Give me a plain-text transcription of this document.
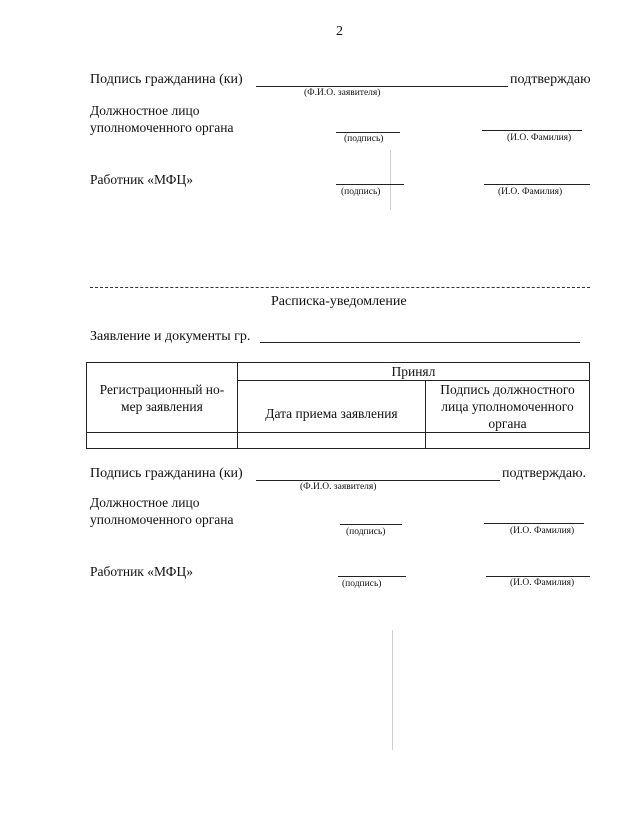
2
Подпись гражданина (ки)	подтверждаю
(Ф.И.О. заявителя)
Должностное лицо
уполномоченного органа
(подпись)	(И.О. Фамилия)
Работник «МФЦ»
(подпись)	(И.О. Фамилия)
Расписка-уведомление
Заявление и документы гр.
Регистрационный но-мер заявления	Принял	
	Дата приема заявления	Подпись должностного лица уполномоченного органа

Подпись гражданина (ки)	подтверждаю.
(Ф.И.О. заявителя)
Должностное лицо
уполномоченного органа
(подпись)	(И.О. Фамилия)
Работник «МФЦ»
(подпись)	(И.О. Фамилия)
